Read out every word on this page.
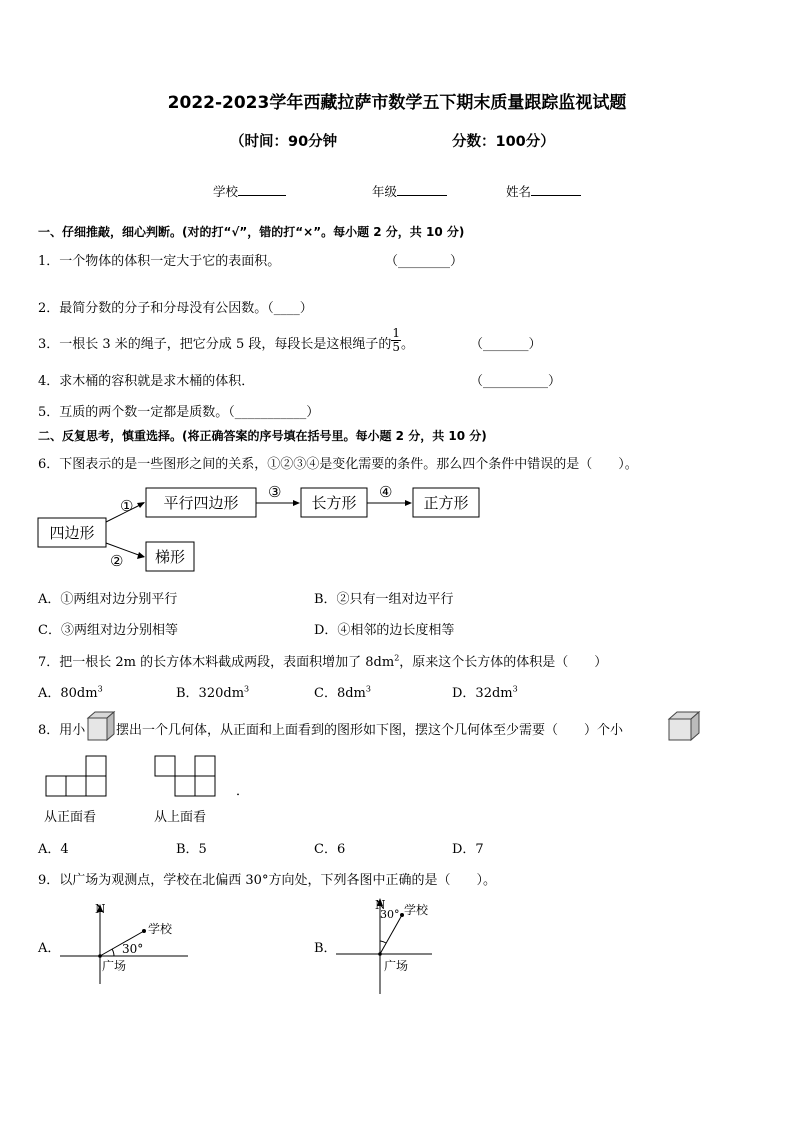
2022-2023学年西藏拉萨市数学五下期末质量跟踪监视试题
（时间：90分钟	分数：100分）
学校	年级	姓名
一、仔细推敲，细心判断。(对的打“√”，错的打“×”。每小题 2 分，共 10 分)
1．一个物体的体积一定大于它的表面积。	（________）
2．最简分数的分子和分母没有公因数。（____）
3．一根长 3 米的绳子，把它分成 5 段，每段长是这根绳子的 $\frac{1}{5}$ 。	（_______）
4．求木桶的容积就是求木桶的体积．	（__________）
5．互质的两个数一定都是质数。（___________）
二、反复思考，慎重选择。(将正确答案的序号填在括号里。每小题 2 分，共 10 分)
6．下图表示的是一些图形之间的关系，①②③④是变化需要的条件。那么四个条件中错误的是（　　）。
四边形
平行四边形	长方形	正方形
梯形
①
②
③	④
A．①两组对边分别平行	B．②只有一组对边平行
C．③两组对边分别相等	D．④相邻的边长度相等
7．把一根长 2m 的长方体木料截成两段，表面积增加了 $8dm^2$，原来这个长方体的体积是（　　）
A．$80dm^3$	B．$320dm^3$	C．$8dm^3$	D．$32dm^3$
8．用小 摆出一个几何体，从正面和上面看到的图形如下图，摆这个几何体至少需要（　　）个小
．
从正面看	从上面看
A．4	B．5	C．6	D．7
9．以广场为观测点，学校在北偏西 30°方向处，下列各图中正确的是（　　）。
A．
N
学校
30°
广场
B．
N
30° 学校
广场
